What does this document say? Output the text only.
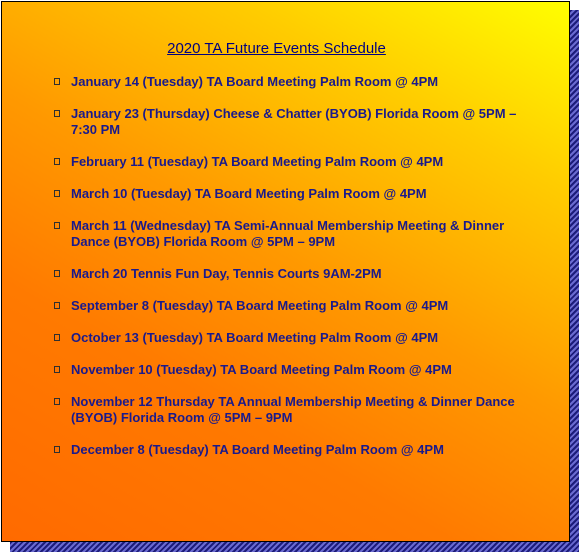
2020 TA Future Events Schedule
January 14 (Tuesday) TA Board Meeting Palm Room @ 4PM
January 23 (Thursday) Cheese & Chatter (BYOB) Florida Room @ 5PM – 7:30 PM
February 11 (Tuesday) TA Board Meeting Palm Room @ 4PM
March 10 (Tuesday) TA Board Meeting Palm Room @ 4PM
March 11 (Wednesday) TA Semi-Annual Membership Meeting & Dinner Dance (BYOB) Florida Room @ 5PM – 9PM
March 20 Tennis Fun Day, Tennis Courts 9AM-2PM
September 8 (Tuesday) TA Board Meeting Palm Room @ 4PM
October 13 (Tuesday) TA Board Meeting Palm Room @ 4PM
November 10 (Tuesday) TA Board Meeting Palm Room @ 4PM
November 12 Thursday TA Annual Membership Meeting & Dinner Dance (BYOB) Florida Room @ 5PM – 9PM
December 8 (Tuesday) TA Board Meeting Palm Room @ 4PM
